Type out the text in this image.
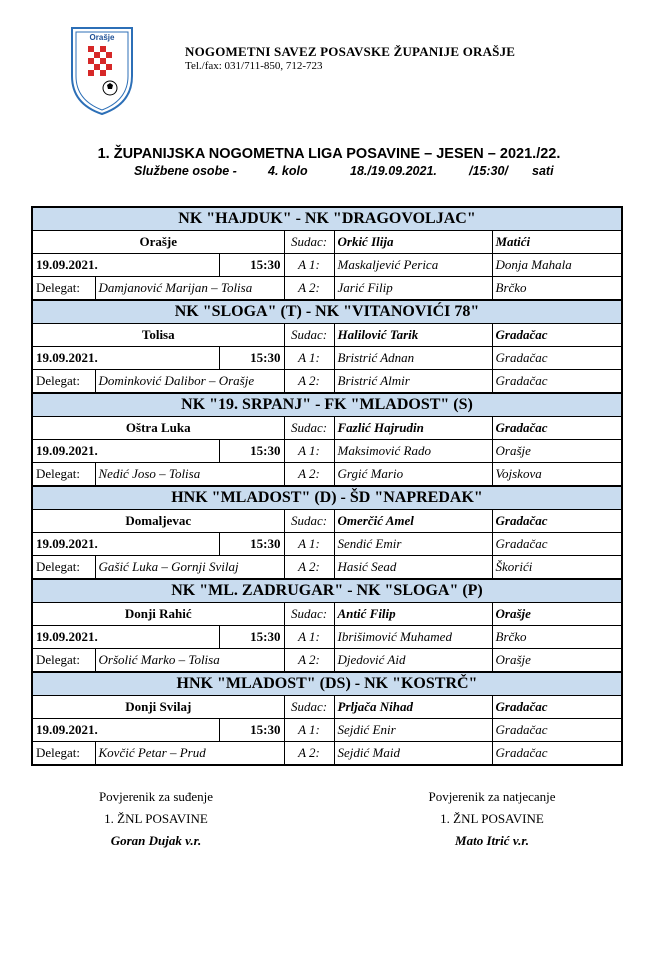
Orašje
NOGOMETNI SAVEZ POSAVSKE ŽUPANIJE ORAŠJE
Tel./fax: 031/711-850, 712-723
1. ŽUPANIJSKA NOGOMETNA LIGA POSAVINE – JESEN – 2021./22.
Službene osobe - 4. kolo	18./19.09.2021.	/15:30/ sati
NK "HAJDUK" - NK "DRAGOVOLJAC"					
Orašje			Sudac:	Orkić Ilija	Matići
19.09.2021.		15:30	A 1:	Maskaljević Perica	Donja Mahala
Delegat:	Damjanović Marijan – Tolisa		A 2:	Jarić Filip	Brčko
NK "SLOGA" (T) - NK "VITANOVIĆI 78"					
Tolisa			Sudac:	Halilović Tarik	Gradačac
19.09.2021.		15:30	A 1:	Bristrić Adnan	Gradačac
Delegat:	Dominković Dalibor – Orašje		A 2:	Bristrić Almir	Gradačac
NK "19. SRPANJ" - FK "MLADOST" (S)					
Oštra Luka			Sudac:	Fazlić Hajrudin	Gradačac
19.09.2021.		15:30	A 1:	Maksimović Rado	Orašje
Delegat:	Nedić Joso – Tolisa		A 2:	Grgić Mario	Vojskova
HNK "MLADOST" (D) - ŠD "NAPREDAK"					
Domaljevac			Sudac:	Omerčić Amel	Gradačac
19.09.2021.		15:30	A 1:	Sendić Emir	Gradačac
Delegat:	Gašić Luka – Gornji Svilaj		A 2:	Hasić Sead	Škorići
NK "ML. ZADRUGAR" - NK "SLOGA" (P)					
Donji Rahić			Sudac:	Antić Filip	Orašje
19.09.2021.		15:30	A 1:	Ibrišimović Muhamed	Brčko
Delegat:	Oršolić Marko – Tolisa		A 2:	Djedović Aid	Orašje
HNK "MLADOST" (DS) - NK "KOSTRČ"					
Donji Svilaj			Sudac:	Prljača Nihad	Gradačac
19.09.2021.		15:30	A 1:	Sejdić Enir	Gradačac
Delegat:	Kovčić Petar – Prud		A 2:	Sejdić Maid	Gradačac
Povjerenik za suđenje
1. ŽNL POSAVINE
Goran Dujak v.r.
Povjerenik za natjecanje
1. ŽNL POSAVINE
Mato Itrić v.r.
